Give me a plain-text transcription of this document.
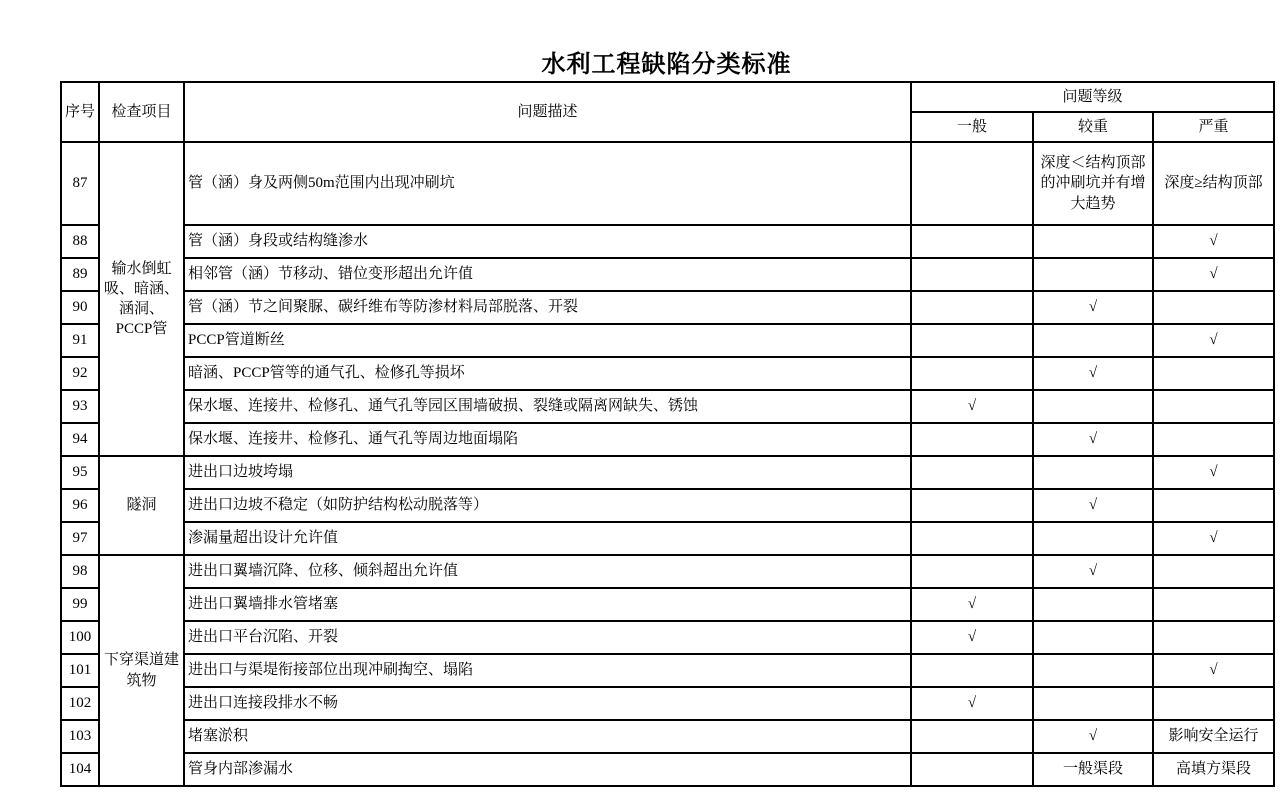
水利工程缺陷分类标准
序号	检查项目	问题描述	问题等级		
			一般	较重	严重
87	输水倒虹吸、暗涵、涵洞、PCCP管	管（涵）身及两侧50m范围内出现冲刷坑		深度＜结构顶部的冲刷坑并有增大趋势	深度≥结构顶部
88		管（涵）身段或结构缝渗水			√
89		相邻管（涵）节移动、错位变形超出允许值			√
90		管（涵）节之间聚脲、碳纤维布等防渗材料局部脱落、开裂		√	
91		PCCP管道断丝			√
92		暗涵、PCCP管等的通气孔、检修孔等损坏		√	
93		保水堰、连接井、检修孔、通气孔等园区围墙破损、裂缝或隔离网缺失、锈蚀	√		
94		保水堰、连接井、检修孔、通气孔等周边地面塌陷		√	
95	隧洞	进出口边坡垮塌			√
96		进出口边坡不稳定（如防护结构松动脱落等）		√	
97		渗漏量超出设计允许值			√
98	下穿渠道建筑物	进出口翼墙沉降、位移、倾斜超出允许值		√	
99		进出口翼墙排水管堵塞	√		
100		进出口平台沉陷、开裂	√		
101		进出口与渠堤衔接部位出现冲刷掏空、塌陷			√
102		进出口连接段排水不畅	√		
103		堵塞淤积		√	影响安全运行
104		管身内部渗漏水		一般渠段	高填方渠段
